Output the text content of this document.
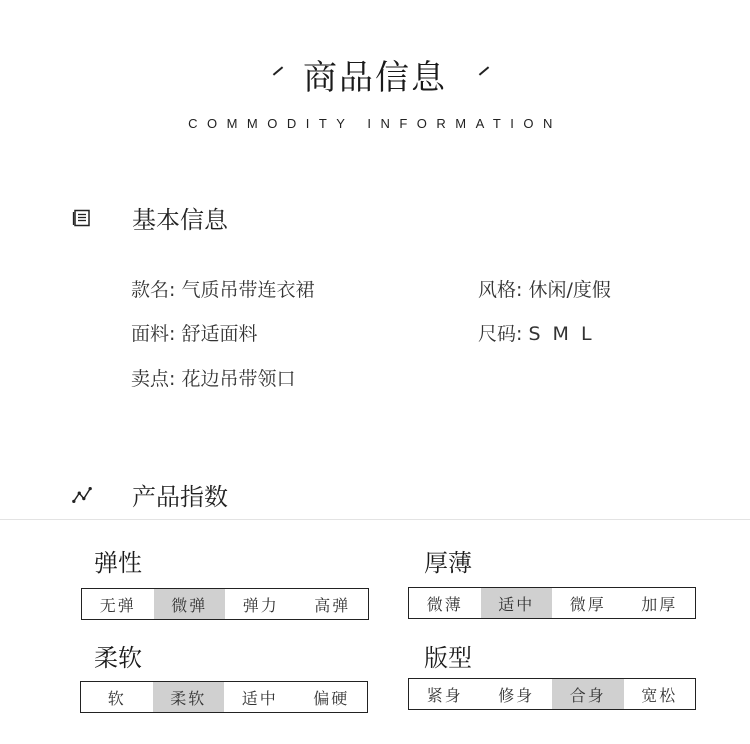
商品信息
COMMODITY INFORMATION
基本信息
款名: 气质吊带连衣裙	风格: 休闲/度假
面料: 舒适面料	尺码: S M L
卖点: 花边吊带领口
产品指数
弹性
无弹	微弹	弹力	高弹
厚薄
微薄	适中	微厚	加厚
柔软
软	柔软	适中	偏硬
版型
紧身	修身	合身	宽松
